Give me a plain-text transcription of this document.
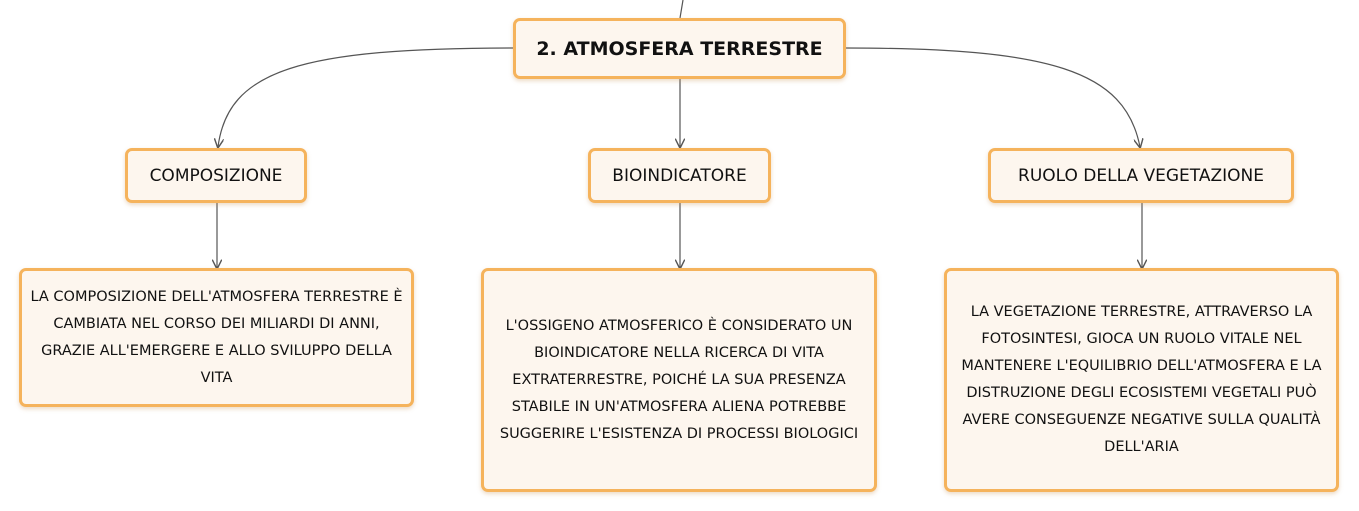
2. ATMOSFERA TERRESTRE
COMPOSIZIONE	BIOINDICATORE	RUOLO DELLA VEGETAZIONE
LA COMPOSIZIONE DELL'ATMOSFERA TERRESTRE È CAMBIATA NEL CORSO DEI MILIARDI DI ANNI, GRAZIE ALL'EMERGERE E ALLO SVILUPPO DELLA VITA
L'OSSIGENO ATMOSFERICO È CONSIDERATO UN BIOINDICATORE NELLA RICERCA DI VITA EXTRATERRESTRE, POICHÉ LA SUA PRESENZA STABILE IN UN'ATMOSFERA ALIENA POTREBBE SUGGERIRE L'ESISTENZA DI PROCESSI BIOLOGICI
LA VEGETAZIONE TERRESTRE, ATTRAVERSO LA FOTOSINTESI, GIOCA UN RUOLO VITALE NEL MANTENERE L'EQUILIBRIO DELL'ATMOSFERA E LA DISTRUZIONE DEGLI ECOSISTEMI VEGETALI PUÒ AVERE CONSEGUENZE NEGATIVE SULLA QUALITÀ DELL'ARIA
